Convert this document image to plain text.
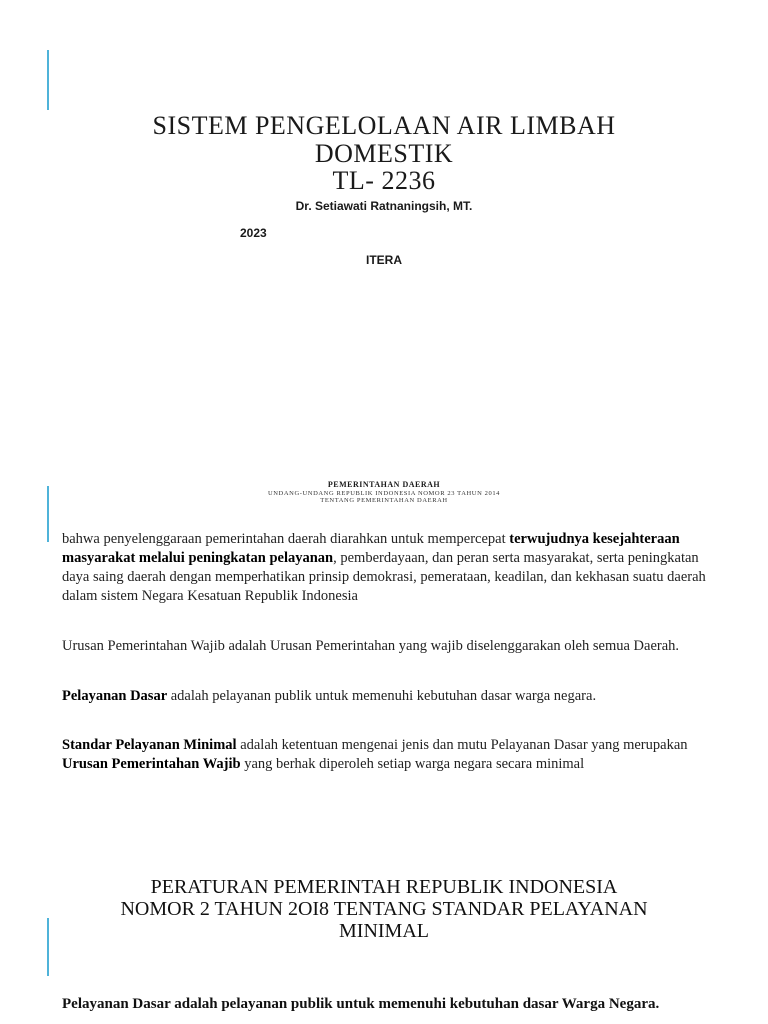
SISTEM PENGELOLAAN AIR LIMBAH
DOMESTIK
TL- 2236
Dr. Setiawati Ratnaningsih, MT.
2023
ITERA
PEMERINTAHAN DAERAH
UNDANG-UNDANG REPUBLIK INDONESIA NOMOR 23 TAHUN 2014
TENTANG PEMERINTAHAN DAERAH

bahwa penyelenggaraan pemerintahan daerah diarahkan untuk mempercepat terwujudnya kesejahteraan masyarakat melalui peningkatan pelayanan, pemberdayaan, dan peran serta masyarakat, serta peningkatan daya saing daerah dengan memperhatikan prinsip demokrasi, pemerataan, keadilan, dan kekhasan suatu daerah dalam sistem Negara Kesatuan Republik Indonesia

Urusan Pemerintahan Wajib adalah Urusan Pemerintahan yang wajib diselenggarakan oleh semua Daerah.

Pelayanan Dasar adalah pelayanan publik untuk memenuhi kebutuhan dasar warga negara.

Standar Pelayanan Minimal adalah ketentuan mengenai jenis dan mutu Pelayanan Dasar yang merupakan Urusan Pemerintahan Wajib yang berhak diperoleh setiap warga negara secara minimal

PERATURAN PEMERINTAH REPUBLIK INDONESIA
NOMOR 2 TAHUN 2OI8 TENTANG STANDAR PELAYANAN
MINIMAL
Pelayanan Dasar adalah pelayanan publik untuk memenuhi kebutuhan dasar Warga Negara.
